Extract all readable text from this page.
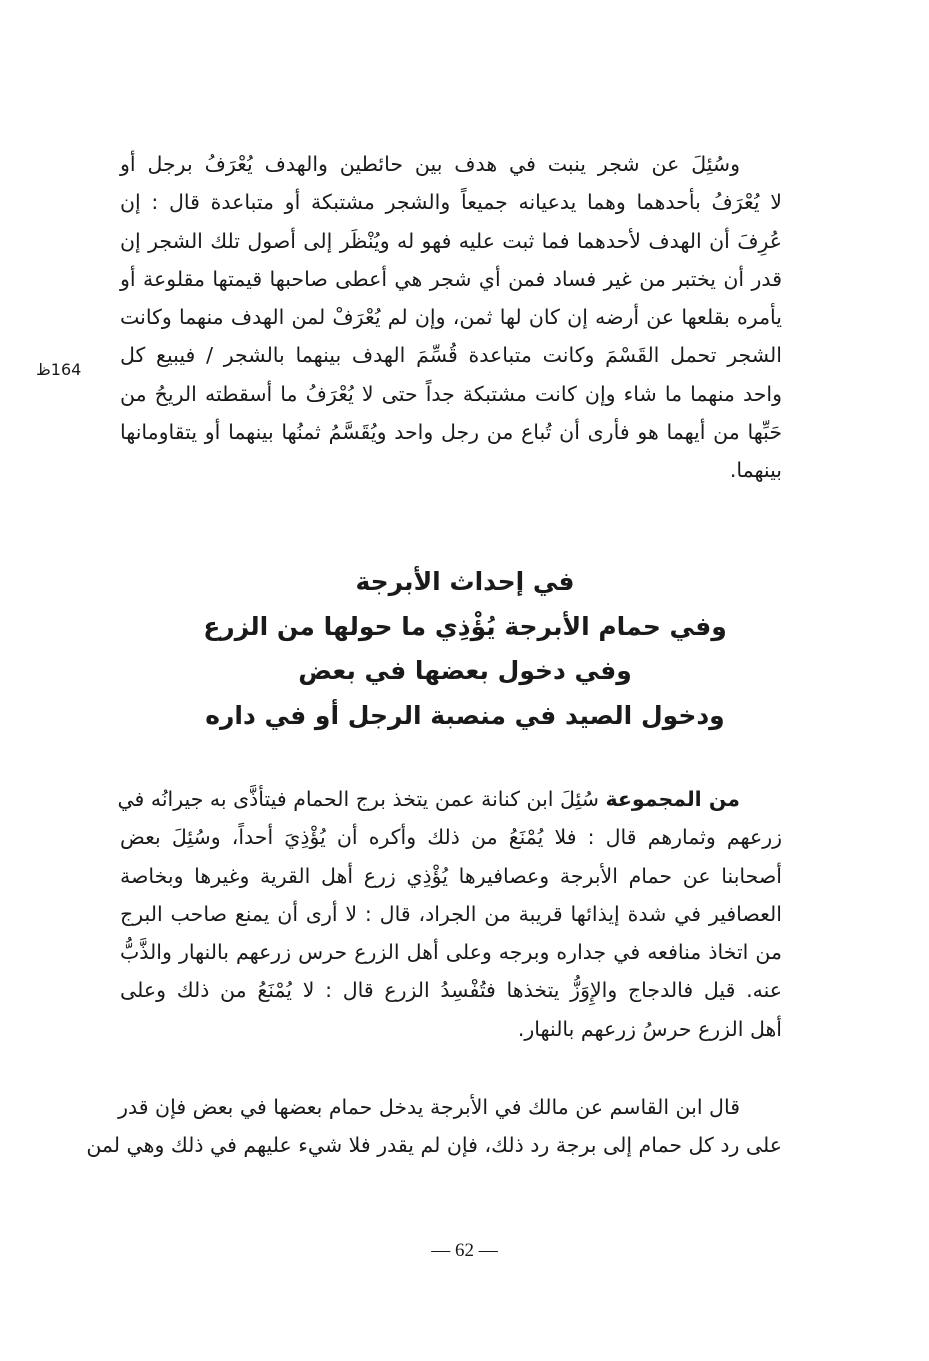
164ظ
وسُئِلَ عن شجر ينبت في هدف بين حائطين والهدف يُعْرَفُ برجل أو
لا يُعْرَفُ بأحدهما وهما يدعيانه جميعاً والشجر مشتبكة أو متباعدة قال : إن
عُرِفَ أن الهدف لأحدهما فما ثبت عليه فهو له ويُنْظَر إلى أصول تلك الشجر إن
قدر أن يختبر من غير فساد فمن أي شجر هي أعطى صاحبها قيمتها مقلوعة أو
يأمره بقلعها عن أرضه إن كان لها ثمن، وإن لم يُعْرَفْ لمن الهدف منهما وكانت
الشجر تحمل القَسْمَ وكانت متباعدة قُسِّمَ الهدف بينهما بالشجر / فيبيع كل
واحد منهما ما شاء وإن كانت مشتبكة جداً حتى لا يُعْرَفُ ما أسقطته الريحُ من
حَبِّها من أيهما هو فأرى أن تُباع من رجل واحد ويُقَسَّمُ ثمنُها بينهما أو يتقاومانها
بينهما.
في إحداث الأبرجة
وفي حمام الأبرجة يُؤْذِي ما حولها من الزرع
وفي دخول بعضها في بعض
ودخول الصيد في منصبة الرجل أو في داره
من المجموعة سُئِلَ ابن كنانة عمن يتخذ برج الحمام فيتأذَّى به جيرانُه في
زرعهم وثمارهم قال : فلا يُمْنَعُ من ذلك وأكره أن يُؤْذِيَ أحداً، وسُئِلَ بعض
أصحابنا عن حمام الأبرجة وعصافيرها يُؤْذِي زرع أهل القرية وغيرها وبخاصة
العصافير في شدة إيذائها قريبة من الجراد، قال : لا أرى أن يمنع صاحب البرج
من اتخاذ منافعه في جداره وبرجه وعلى أهل الزرع حرس زرعهم بالنهار والذَّبُّ
عنه. قيل فالدجاج والإِوَزُّ يتخذها فتُفْسِدُ الزرع قال : لا يُمْنَعُ من ذلك وعلى
أهل الزرع حرسُ زرعهم بالنهار.
قال ابن القاسم عن مالك في الأبرجة يدخل حمام بعضها في بعض فإن قدر
على رد كل حمام إلى برجة رد ذلك، فإن لم يقدر فلا شيء عليهم في ذلك وهي لمن
— 62 —
